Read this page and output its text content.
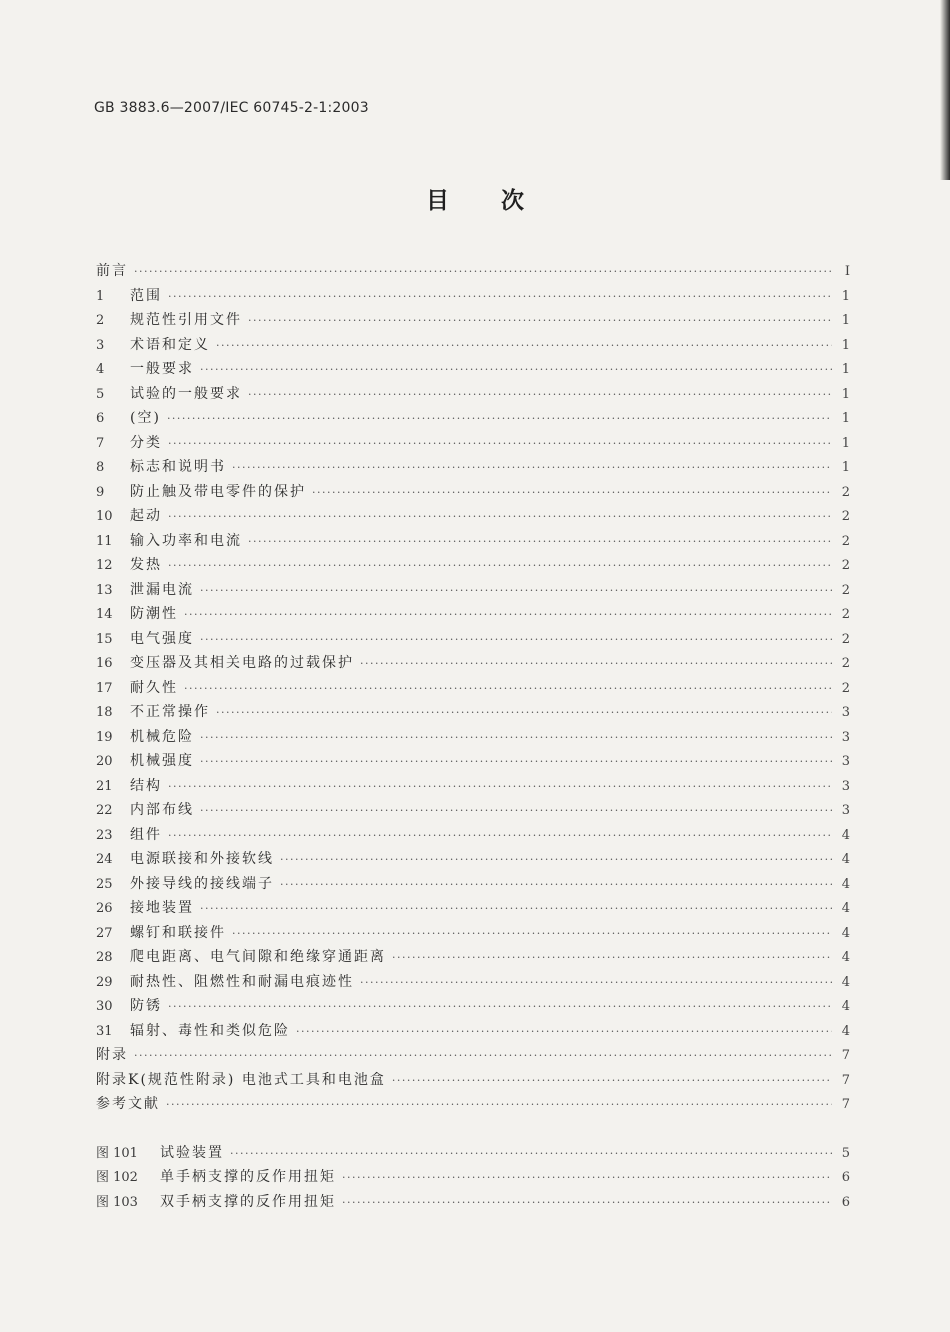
GB 3883.6—2007/IEC 60745-2-1:2003
目次
前言 ·····	I
1	范围 ·····	1
2	规范性引用文件 ·····	1
3	术语和定义 ·····	1
4	一般要求 ·····	1
5	试验的一般要求 ·····	1
6	(空) ·····	1
7	分类 ·····	1
8	标志和说明书 ·····	1
9	防止触及带电零件的保护 ·····	2
10	起动 ·····	2
11	输入功率和电流 ·····	2
12	发热 ·····	2
13	泄漏电流 ·····	2
14	防潮性 ·····	2
15	电气强度 ·····	2
16	变压器及其相关电路的过载保护 ·····	2
17	耐久性 ·····	2
18	不正常操作 ·····	3
19	机械危险 ·····	3
20	机械强度 ·····	3
21	结构 ·····	3
22	内部布线 ·····	3
23	组件 ·····	4
24	电源联接和外接软线 ·····	4
25	外接导线的接线端子 ·····	4
26	接地装置 ·····	4
27	螺钉和联接件 ·····	4
28	爬电距离、电气间隙和绝缘穿通距离 ·····	4
29	耐热性、阻燃性和耐漏电痕迹性 ·····	4
30	防锈 ·····	4
31	辐射、毒性和类似危险 ·····	4
附录 ·····	7
附录K(规范性附录) 电池式工具和电池盒 ·····	7
参考文献 ·····	7
图 101	试验装置 ·····	5
图 102	单手柄支撑的反作用扭矩 ·····	6
图 103	双手柄支撑的反作用扭矩 ·····	6
